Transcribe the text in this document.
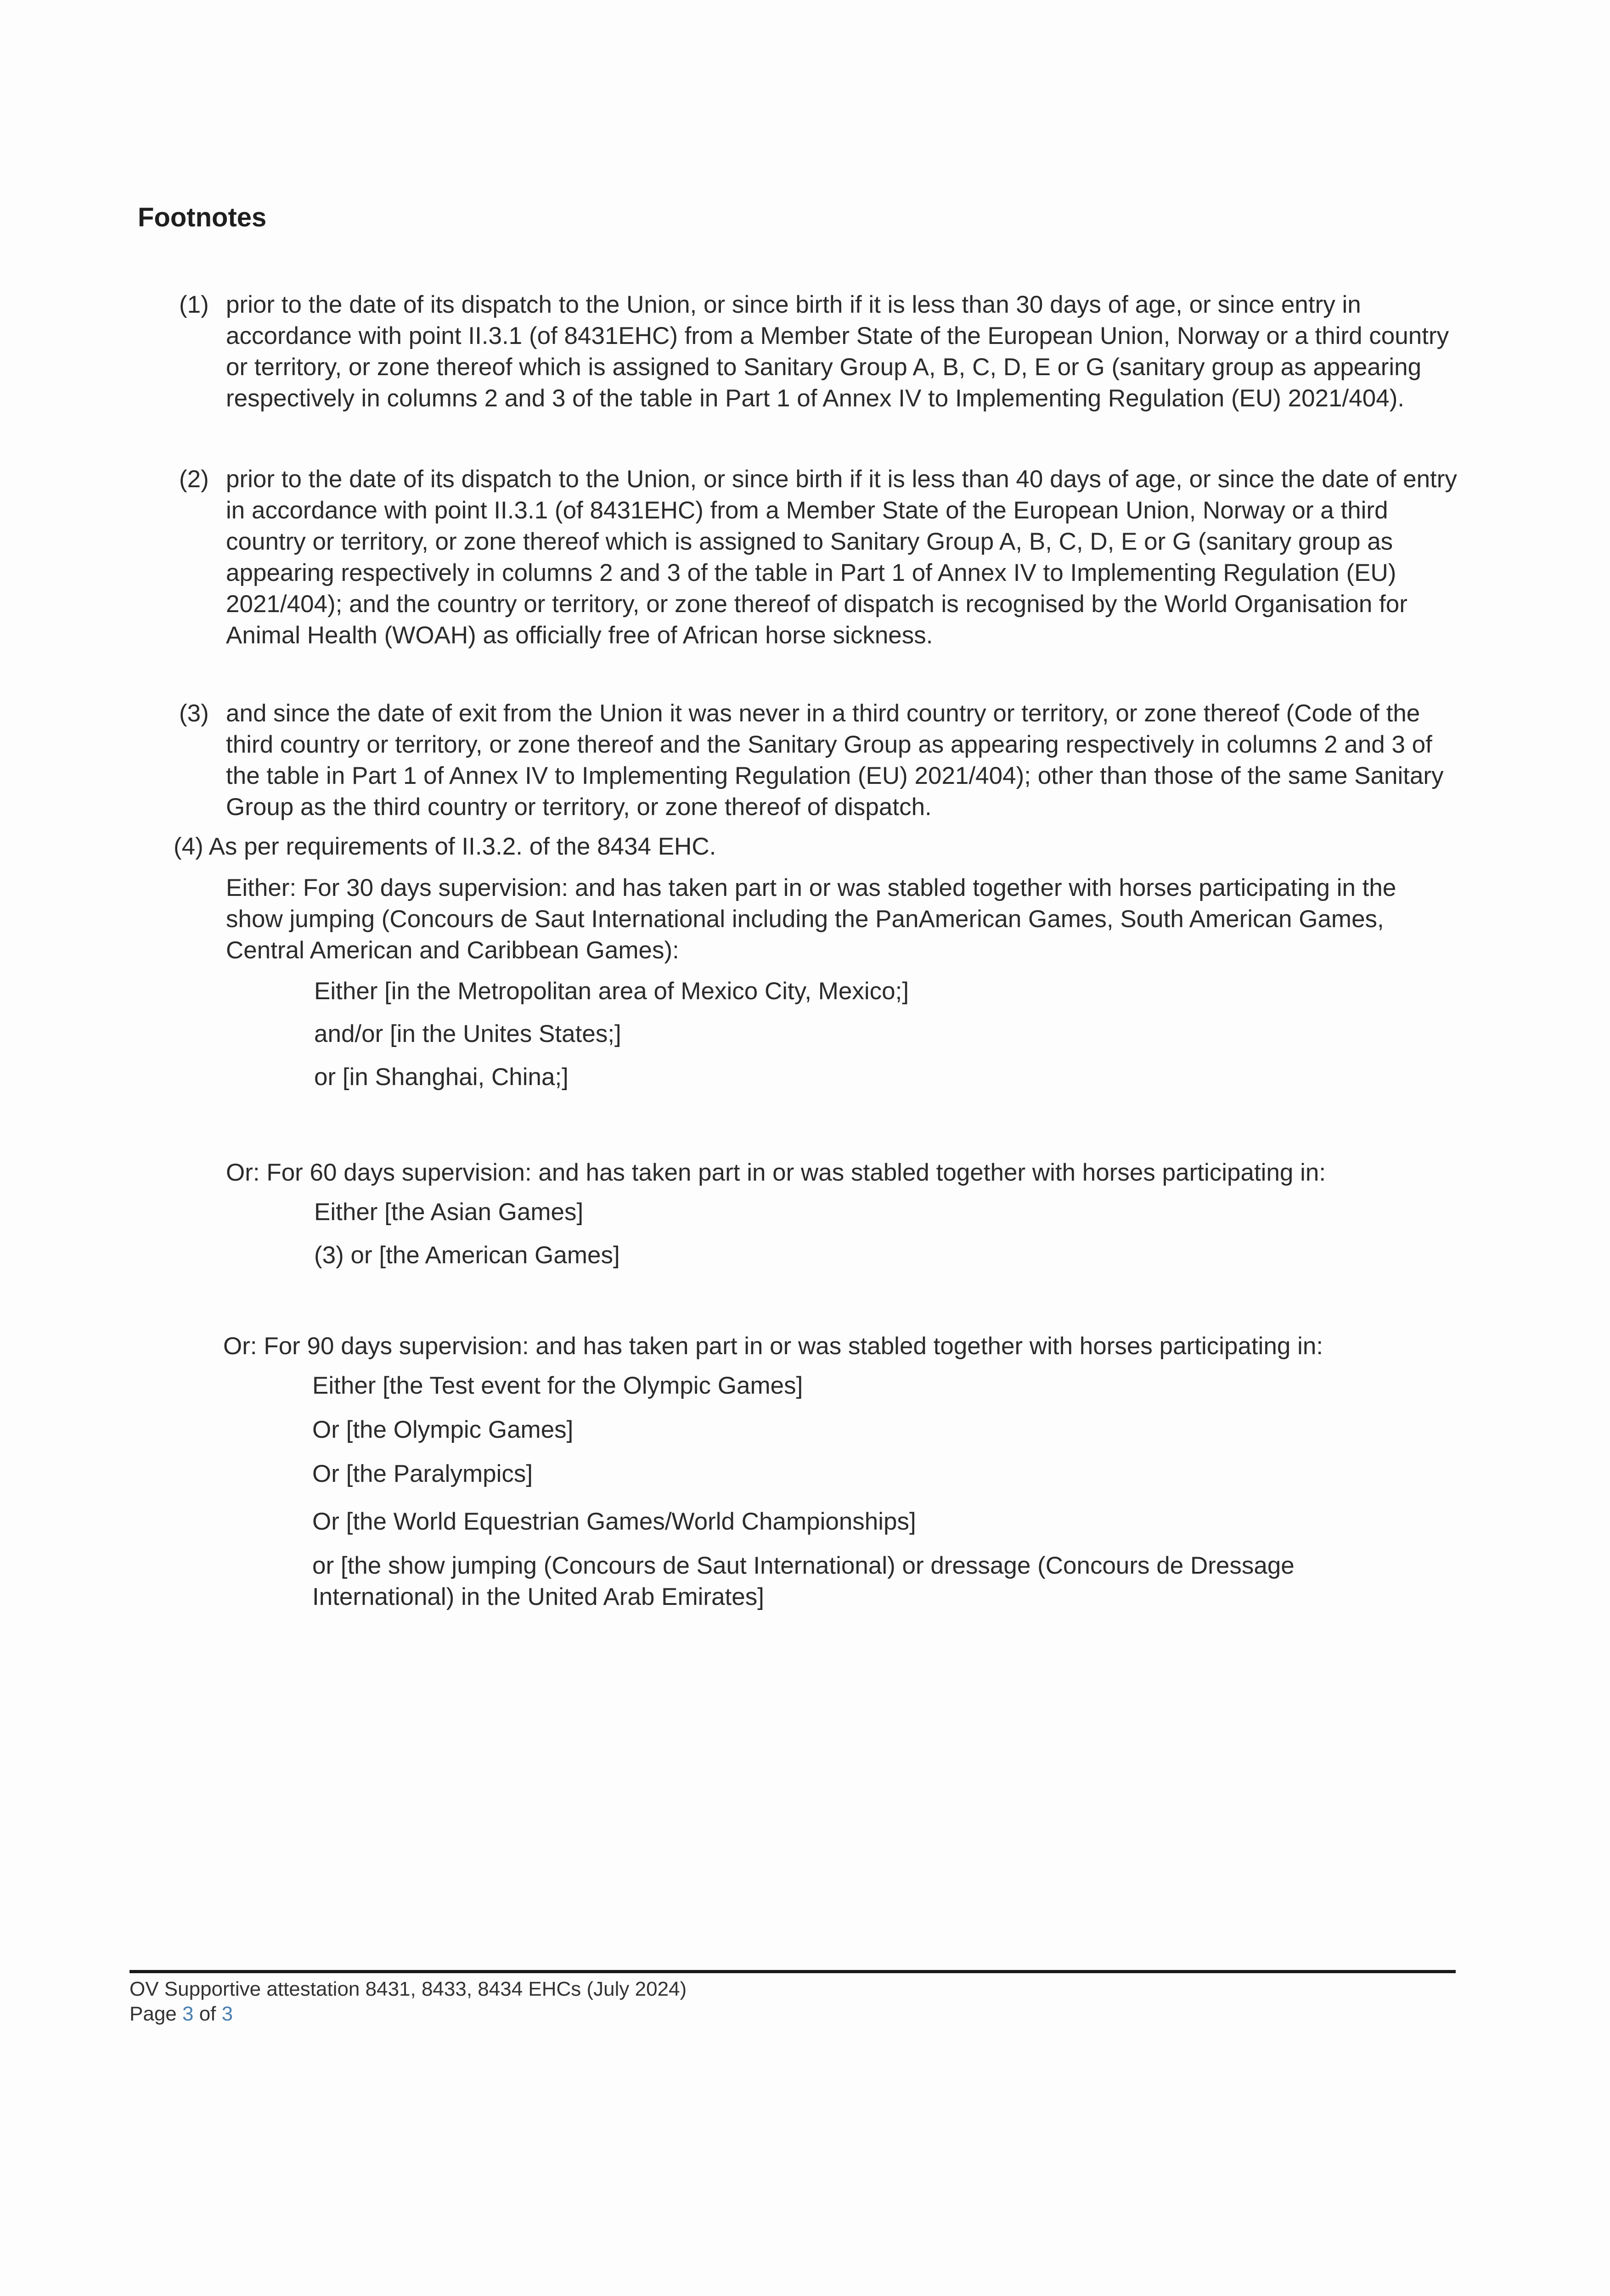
Footnotes
(1) prior to the date of its dispatch to the Union, or since birth if it is less than 30 days of age, or since entry in accordance with point II.3.1 (of 8431EHC) from a Member State of the European Union, Norway or a third country or territory, or zone thereof which is assigned to Sanitary Group A, B, C, D, E or G (sanitary group as appearing respectively in columns 2 and 3 of the table in Part 1 of Annex IV to Implementing Regulation (EU) 2021/404).
(2) prior to the date of its dispatch to the Union, or since birth if it is less than 40 days of age, or since the date of entry in accordance with point II.3.1 (of 8431EHC) from a Member State of the European Union, Norway or a third country or territory, or zone thereof which is assigned to Sanitary Group A, B, C, D, E or G (sanitary group as appearing respectively in columns 2 and 3 of the table in Part 1 of Annex IV to Implementing Regulation (EU) 2021/404); and the country or territory, or zone thereof of dispatch is recognised by the World Organisation for Animal Health (WOAH) as officially free of African horse sickness.
(3) and since the date of exit from the Union it was never in a third country or territory, or zone thereof (Code of the third country or territory, or zone thereof and the Sanitary Group as appearing respectively in columns 2 and 3 of the table in Part 1 of Annex IV to Implementing Regulation (EU) 2021/404); other than those of the same Sanitary Group as the third country or territory, or zone thereof of dispatch.
(4) As per requirements of II.3.2. of the 8434 EHC.
Either: For 30 days supervision: and has taken part in or was stabled together with horses participating in the show jumping (Concours de Saut International including the PanAmerican Games, South American Games, Central American and Caribbean Games):
Either [in the Metropolitan area of Mexico City, Mexico;]
and/or [in the Unites States;]
or [in Shanghai, China;]
Or: For 60 days supervision: and has taken part in or was stabled together with horses participating in:
Either [the Asian Games]
(3) or [the American Games]
Or: For 90 days supervision: and has taken part in or was stabled together with horses participating in:
Either [the Test event for the Olympic Games]
Or [the Olympic Games]
Or [the Paralympics]
Or [the World Equestrian Games/World Championships]
or [the show jumping (Concours de Saut International) or dressage (Concours de Dressage International) in the United Arab Emirates]
OV Supportive attestation 8431, 8433, 8434 EHCs (July 2024)
Page 3 of 3
